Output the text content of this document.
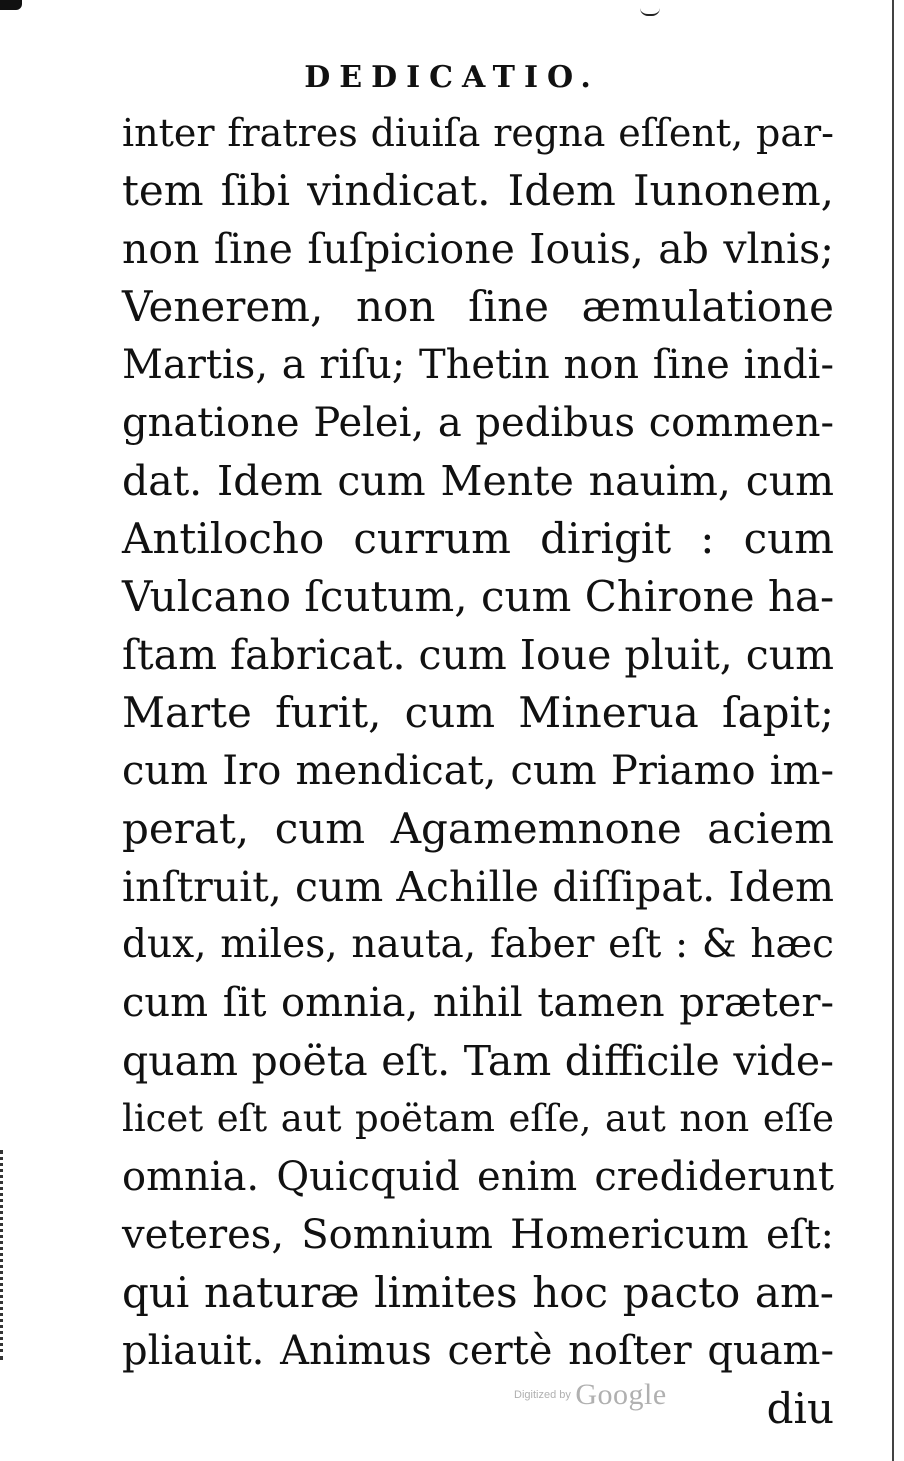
DEDICATIO.
inter fratres diuiſa regna eſſent, par-
tem ſibi vindicat. Idem Iunonem,
non ſine ſuſpicione Iouis, ab vlnis;
Venerem, non ſine æmulatione
Martis, a riſu; Thetin non ſine indi-
gnatione Pelei, a pedibus commen-
dat. Idem cum Mente nauim, cum
Antilocho currum dirigit : cum
Vulcano ſcutum, cum Chirone ha-
ſtam fabricat. cum Ioue pluit, cum
Marte furit, cum Minerua ſapit;
cum Iro mendicat, cum Priamo im-
perat, cum Agamemnone aciem
inſtruit, cum Achille diſſipat. Idem
dux, miles, nauta, faber eſt : & hæc
cum ſit omnia, nihil tamen præter-
quam poëta eſt. Tam difficile vide-
licet eſt aut poëtam eſſe, aut non eſſe
omnia. Quicquid enim crediderunt
veteres, Somnium Homericum eſt:
qui naturæ limites hoc pacto am-
pliauit. Animus certè noſter quam-
diu
Digitized by Google
